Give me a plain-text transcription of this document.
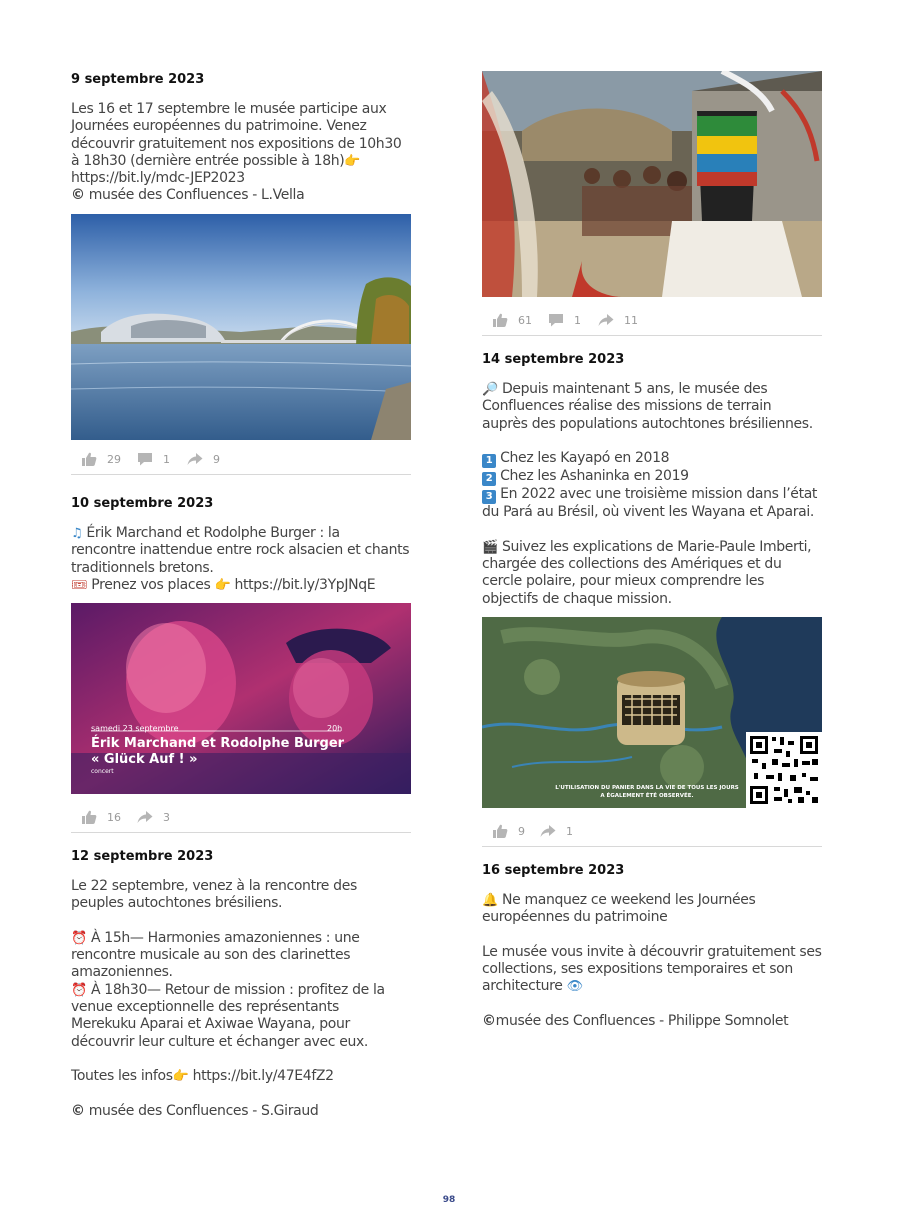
9 septembre 2023
Les 16 et 17 septembre le musée participe aux
Journées européennes du patrimoine. Venez
découvrir gratuitement nos expositions de 10h30
à 18h30 (dernière entrée possible à 18h)👉
https://bit.ly/mdc-JEP2023
© musée des Confluences - L.Vella
29	1	9
10 septembre 2023
♫ Érik Marchand et Rodolphe Burger : la
rencontre inattendue entre rock alsacien et chants
traditionnels bretons.
🎟 Prenez vos places 👉 https://bit.ly/3YpJNqE
samedi 23 septembre	20h
Érik Marchand et Rodolphe Burger
« Glück Auf ! »
concert
16	3
12 septembre 2023
Le 22 septembre, venez à la rencontre des
peuples autochtones brésiliens.
⏰ À 15h— Harmonies amazoniennes : une
rencontre musicale au son des clarinettes
amazoniennes.
⏰ À 18h30— Retour de mission : profitez de la
venue exceptionnelle des représentants
Merekuku Aparai et Axiwae Wayana, pour
découvrir leur culture et échanger avec eux.
Toutes les infos👉 https://bit.ly/47E4fZ2
© musée des Confluences - S.Giraud
61	1	11
14 septembre 2023
🔎 Depuis maintenant 5 ans, le musée des
Confluences réalise des missions de terrain
auprès des populations autochtones brésiliennes.
1 Chez les Kayapó en 2018
2 Chez les Ashaninka en 2019
3 En 2022 avec une troisième mission dans l’état
du Pará au Brésil, où vivent les Wayana et Aparai.
🎬 Suivez les explications de Marie-Paule Imberti,
chargée des collections des Amériques et du
cercle polaire, pour mieux comprendre les
objectifs de chaque mission.
L'UTILISATION DU PANIER DANS LA VIE DE TOUS LES JOURS
A ÉGALEMENT ÉTÉ OBSERVÉE.
9	1
16 septembre 2023
🔔 Ne manquez ce weekend les Journées
européennes du patrimoine
Le musée vous invite à découvrir gratuitement ses
collections, ses expositions temporaires et son
architecture 👁
©musée des Confluences - Philippe Somnolet
98
